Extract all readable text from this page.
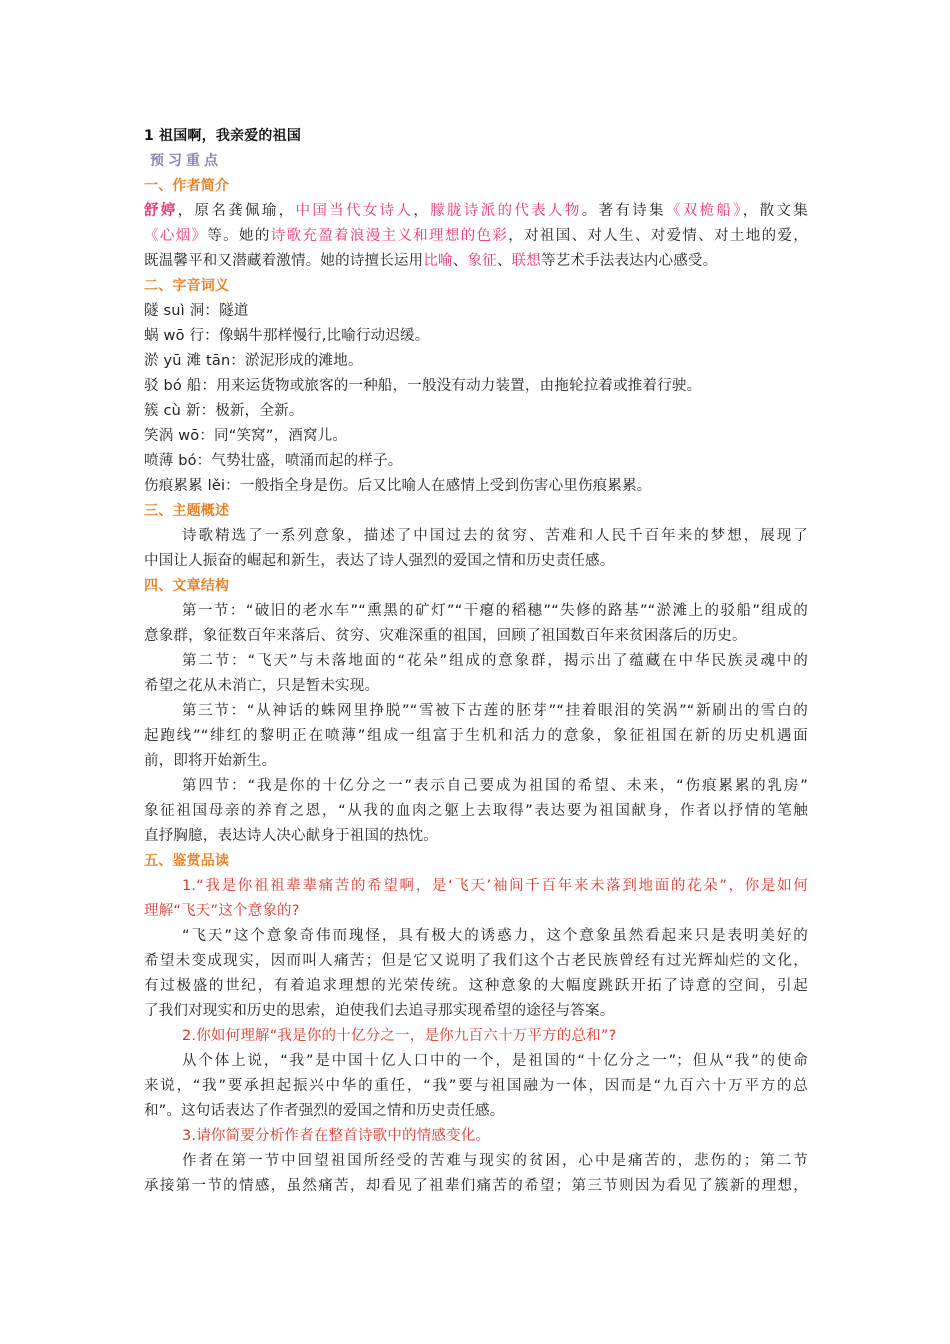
1 祖国啊，我亲爱的祖国
预习重点
一、作者简介
舒婷，原名龚佩瑜，中国当代女诗人，朦胧诗派的代表人物。著有诗集《双桅船》，散文集
《心烟》等。她的诗歌充盈着浪漫主义和理想的色彩，对祖国、对人生、对爱情、对土地的爱，
既温馨平和又潜藏着激情。她的诗擅长运用比喻、象征、联想等艺术手法表达内心感受。
二、字音词义
隧 suì 洞：隧道
蜗 wō 行：像蜗牛那样慢行,比喻行动迟缓。
淤 yū 滩 tān：淤泥形成的滩地。
驳 bó 船：用来运货物或旅客的一种船，一般没有动力装置，由拖轮拉着或推着行驶。
簇 cù 新：极新，全新。
笑涡 wō：同“笑窝”，酒窝儿。
喷薄 bó：气势壮盛，喷涌而起的样子。
伤痕累累 lěi：一般指全身是伤。后又比喻人在感情上受到伤害心里伤痕累累。
三、主题概述
诗歌精选了一系列意象，描述了中国过去的贫穷、苦难和人民千百年来的梦想，展现了
中国让人振奋的崛起和新生，表达了诗人强烈的爱国之情和历史责任感。
四、文章结构
第一节：“破旧的老水车”“熏黑的矿灯”“干瘪的稻穗”“失修的路基”“淤滩上的驳船”组成的
意象群，象征数百年来落后、贫穷、灾难深重的祖国，回顾了祖国数百年来贫困落后的历史。
第二节：“飞天”与未落地面的“花朵”组成的意象群，揭示出了蕴藏在中华民族灵魂中的
希望之花从未消亡，只是暂未实现。
第三节：“从神话的蛛网里挣脱”“雪被下古莲的胚芽”“挂着眼泪的笑涡”“新刷出的雪白的
起跑线”“绯红的黎明正在喷薄”组成一组富于生机和活力的意象，象征祖国在新的历史机遇面
前，即将开始新生。
第四节：“我是你的十亿分之一”表示自己要成为祖国的希望、未来，“伤痕累累的乳房”
象征祖国母亲的养育之恩，“从我的血肉之躯上去取得”表达要为祖国献身，作者以抒情的笔触
直抒胸臆，表达诗人决心献身于祖国的热忱。
五、鉴赏品读
1.“我是你祖祖辈辈痛苦的希望啊，是‘飞天’袖间千百年来未落到地面的花朵”，你是如何
理解“飞天”这个意象的?
“飞天”这个意象奇伟而瑰怪，具有极大的诱惑力，这个意象虽然看起来只是表明美好的
希望未变成现实，因而叫人痛苦；但是它又说明了我们这个古老民族曾经有过光辉灿烂的文化，
有过极盛的世纪，有着追求理想的光荣传统。这种意象的大幅度跳跃开拓了诗意的空间，引起
了我们对现实和历史的思索，迫使我们去追寻那实现希望的途径与答案。
2.你如何理解“我是你的十亿分之一，是你九百六十万平方的总和”?
从个体上说，“我”是中国十亿人口中的一个，是祖国的“十亿分之一”；但从“我”的使命
来说，“我”要承担起振兴中华的重任，“我”要与祖国融为一体，因而是“九百六十万平方的总
和”。这句话表达了作者强烈的爱国之情和历史责任感。
3.请你简要分析作者在整首诗歌中的情感变化。
作者在第一节中回望祖国所经受的苦难与现实的贫困，心中是痛苦的，悲伤的；第二节
承接第一节的情感，虽然痛苦，却看见了祖辈们痛苦的希望；第三节则因为看见了簇新的理想，
